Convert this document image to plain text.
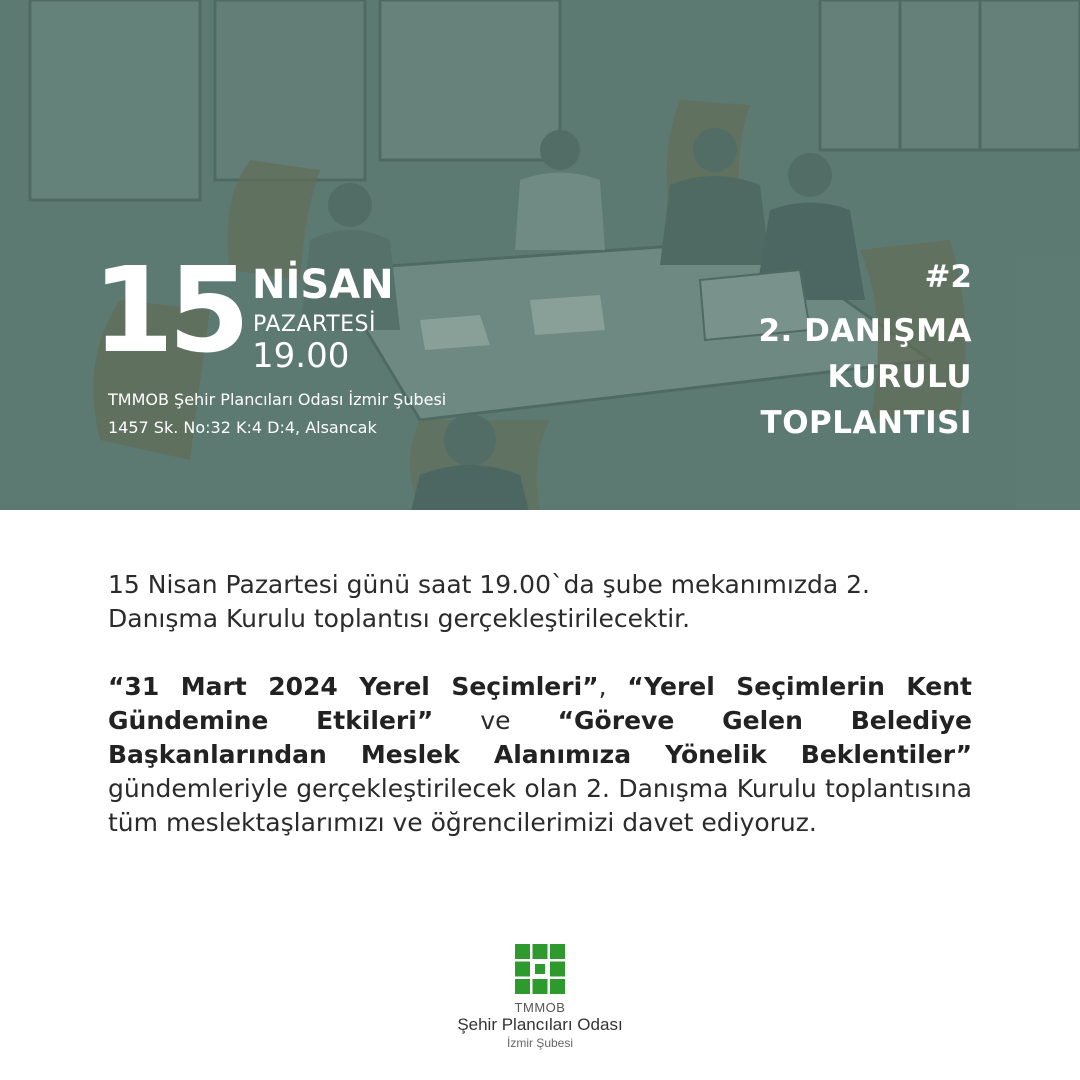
15 NİSAN
PAZARTESİ
19.00
TMMOB Şehir Plancıları Odası İzmir Şubesi
1457 Sk. No:32 K:4 D:4, Alsancak
#2
2. DANIŞMA
KURULU
TOPLANTISI

15 Nisan Pazartesi günü saat 19.00`da şube mekanımızda 2. Danışma Kurulu toplantısı gerçekleştirilecektir.

“31 Mart 2024 Yerel Seçimleri”, “Yerel Seçimlerin Kent Gündemine Etkileri” ve “Göreve Gelen Belediye Başkanlarından Meslek Alanımıza Yönelik Beklentiler” gündemleriyle gerçekleştirilecek olan 2. Danışma Kurulu toplantısına tüm meslektaşlarımızı ve öğrencilerimizi davet ediyoruz.

TMMOB
Şehir Plancıları Odası
İzmir Şubesi
